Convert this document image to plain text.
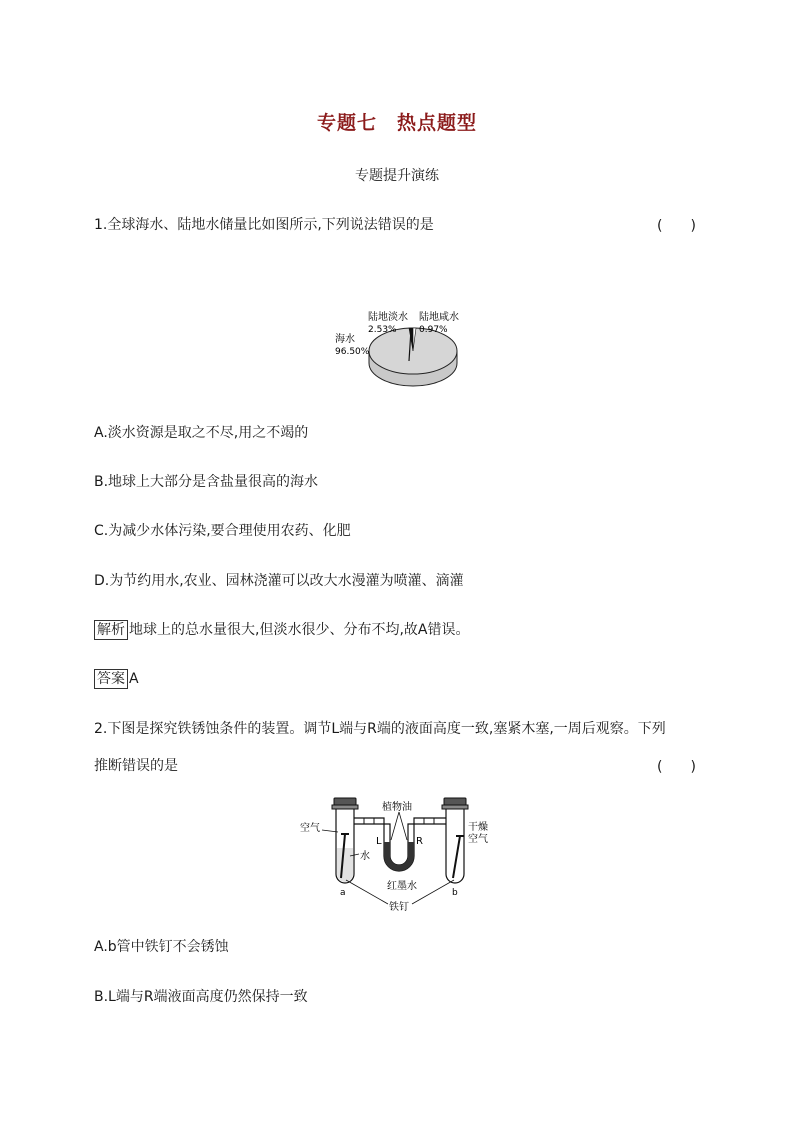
专题七　热点题型
专题提升演练
1.全球海水、陆地水储量比如图所示,下列说法错误的是	(　　)
海水
96.50%
陆地淡水
2.53%
陆地咸水
0.97%
A.淡水资源是取之不尽,用之不竭的
B.地球上大部分是含盐量很高的海水
C.为减少水体污染,要合理使用农药、化肥
D.为节约用水,农业、园林浇灌可以改大水漫灌为喷灌、滴灌
解析 地球上的总水量很大,但淡水很少、分布不均,故A错误。
答案 A
2.下图是探究铁锈蚀条件的装置。调节L端与R端的液面高度一致,塞紧木塞,一周后观察。下列
推断错误的是	(　　)
空气
水
植物油
L	R
干燥
空气
红墨水
a	b
铁钉
A.b管中铁钉不会锈蚀
B.L端与R端液面高度仍然保持一致
